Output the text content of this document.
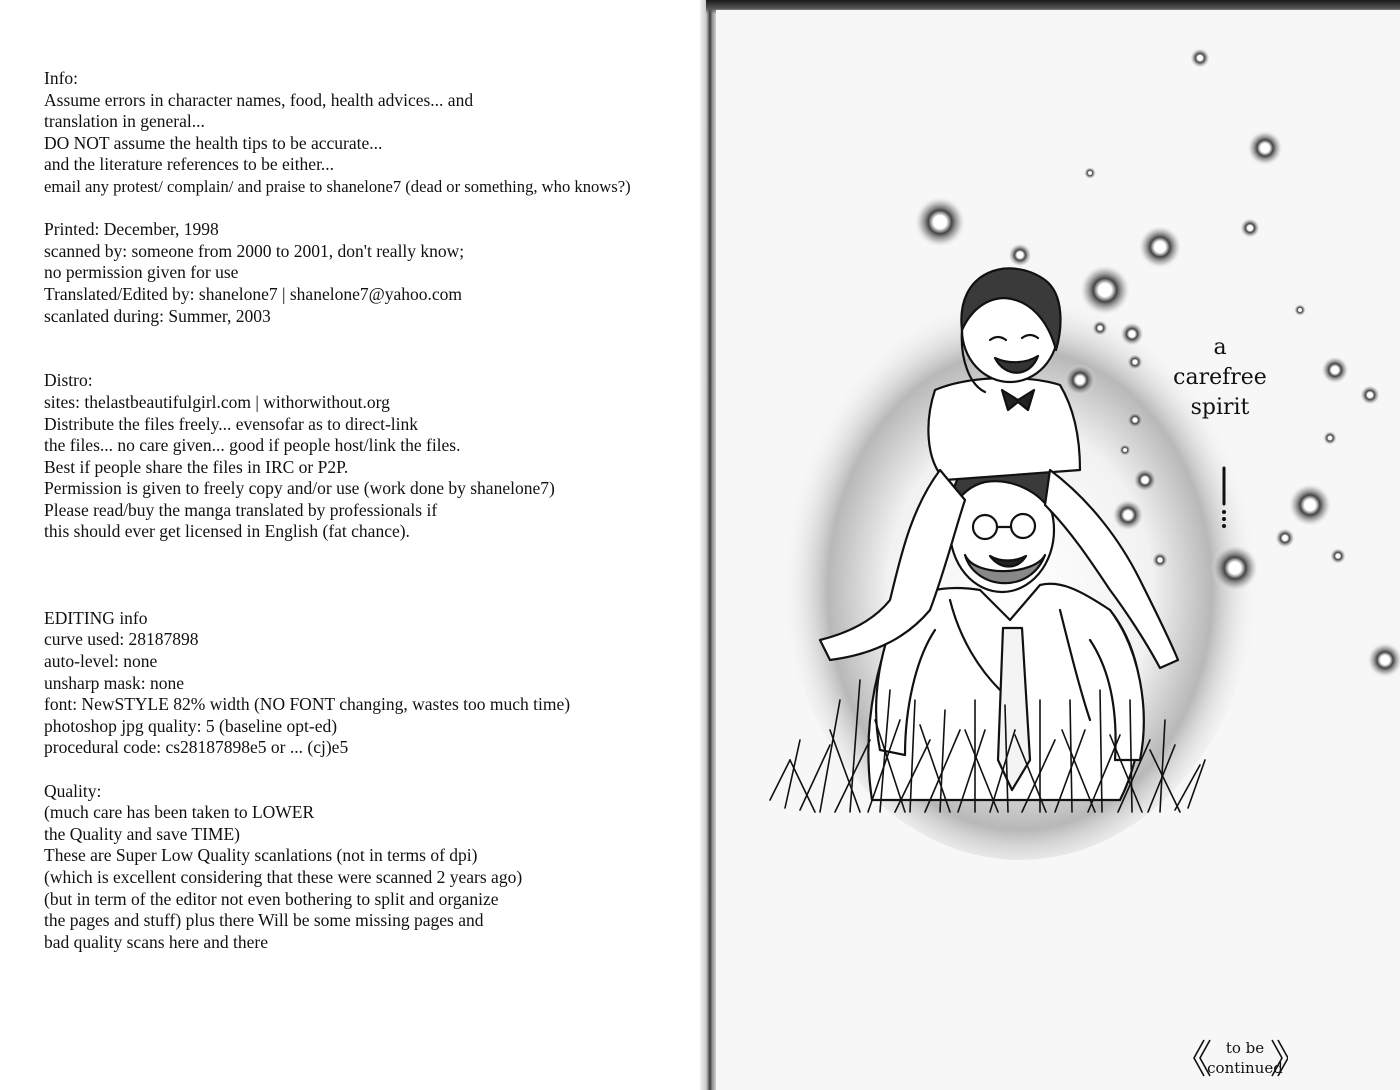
Info:
Assume errors in character names, food, health advices... and
translation in general...
DO NOT assume the health tips to be accurate...
and the literature references to be either...
email any protest/ complain/ and praise to shanelone7 (dead or something, who knows?)
Printed: December, 1998
scanned by: someone from 2000 to 2001, don't really know;
no permission given for use
Translated/Edited by: shanelone7 | shanelone7@yahoo.com
scanlated during: Summer, 2003
Distro:
sites: thelastbeautifulgirl.com | withorwithout.org
Distribute the files freely... evensofar as to direct-link
the files... no care given... good if people host/link the files.
Best if people share the files in IRC or P2P.
Permission is given to freely copy and/or use (work done by shanelone7)
Please read/buy the manga translated by professionals if
this should ever get licensed in English (fat chance).
EDITING info
curve used: 28187898
auto-level: none
unsharp mask: none
font: NewSTYLE 82% width (NO FONT changing, wastes too much time)
photoshop jpg quality: 5 (baseline opt-ed)
procedural code: cs28187898e5 or ... (cj)e5
Quality:
(much care has been taken to LOWER
the Quality and save TIME)
These are Super Low Quality scanlations (not in terms of dpi)
(which is excellent considering that these were scanned 2 years ago)
(but in term of the editor not even bothering to split and organize
the pages and stuff) plus there Will be some missing pages and
bad quality scans here and there
a carefree
spirit
to be
continued
